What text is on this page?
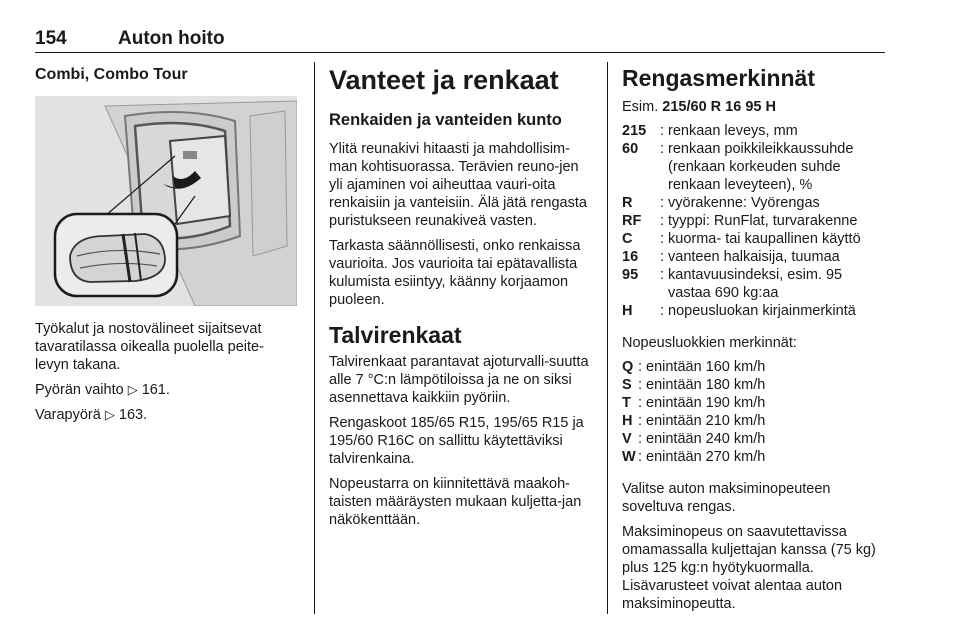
154	Auton hoito
Combi, Combo Tour

Työkalut ja nostovälineet sijaitsevat tavaratilassa oikealla puolella peite-levyn takana.

Pyörän vaihto ▷ 161.

Varapyörä ▷ 163.

Vanteet ja renkaat
Renkaiden ja vanteiden kunto

Ylitä reunakivi hitaasti ja mahdollisim-man kohtisuorassa. Terävien reuno-jen yli ajaminen voi aiheuttaa vauri-oita renkaisiin ja vanteisiin. Älä jätä rengasta puristukseen reunakiveä vasten.

Tarkasta säännöllisesti, onko renkaissa vaurioita. Jos vaurioita tai epätavallista kulumista esiintyy, käänny korjaamon puoleen.

Talvirenkaat

Talvirenkaat parantavat ajoturvalli-suutta alle 7 °C:n lämpötiloissa ja ne on siksi asennettava kaikkiin pyöriin.

Rengaskoot 185/65 R15, 195/65 R15 ja 195/60 R16C on sallittu käytettäviksi talvirenkaina.

Nopeustarra on kiinnitettävä maakoh-taisten määräysten mukaan kuljetta-jan näkökenttään.

Rengasmerkinnät
Esim. 215/60 R 16 95 H
215 : renkaan leveys, mm
60	: renkaan poikkileikkaussuhde (renkaan korkeuden suhde renkaan leveyteen), %
R	: vyörakenne: Vyörengas
RF	: tyyppi: RunFlat, turvarakenne
C	: kuorma- tai kaupallinen käyttö
16	: vanteen halkaisija, tuumaa
95	: kantavuusindeksi, esim. 95 vastaa 690 kg:aa
H	: nopeusluokan kirjainmerkintä

Nopeusluokkien merkinnät:

Q : enintään 160 km/h
S : enintään 180 km/h
T : enintään 190 km/h
H : enintään 210 km/h
V : enintään 240 km/h
W : enintään 270 km/h

Valitse auton maksiminopeuteen soveltuva rengas.

Maksiminopeus on saavutettavissa omamassalla kuljettajan kanssa (75 kg) plus 125 kg:n hyötykuormalla. Lisävarusteet voivat alentaa auton maksiminopeutta.
